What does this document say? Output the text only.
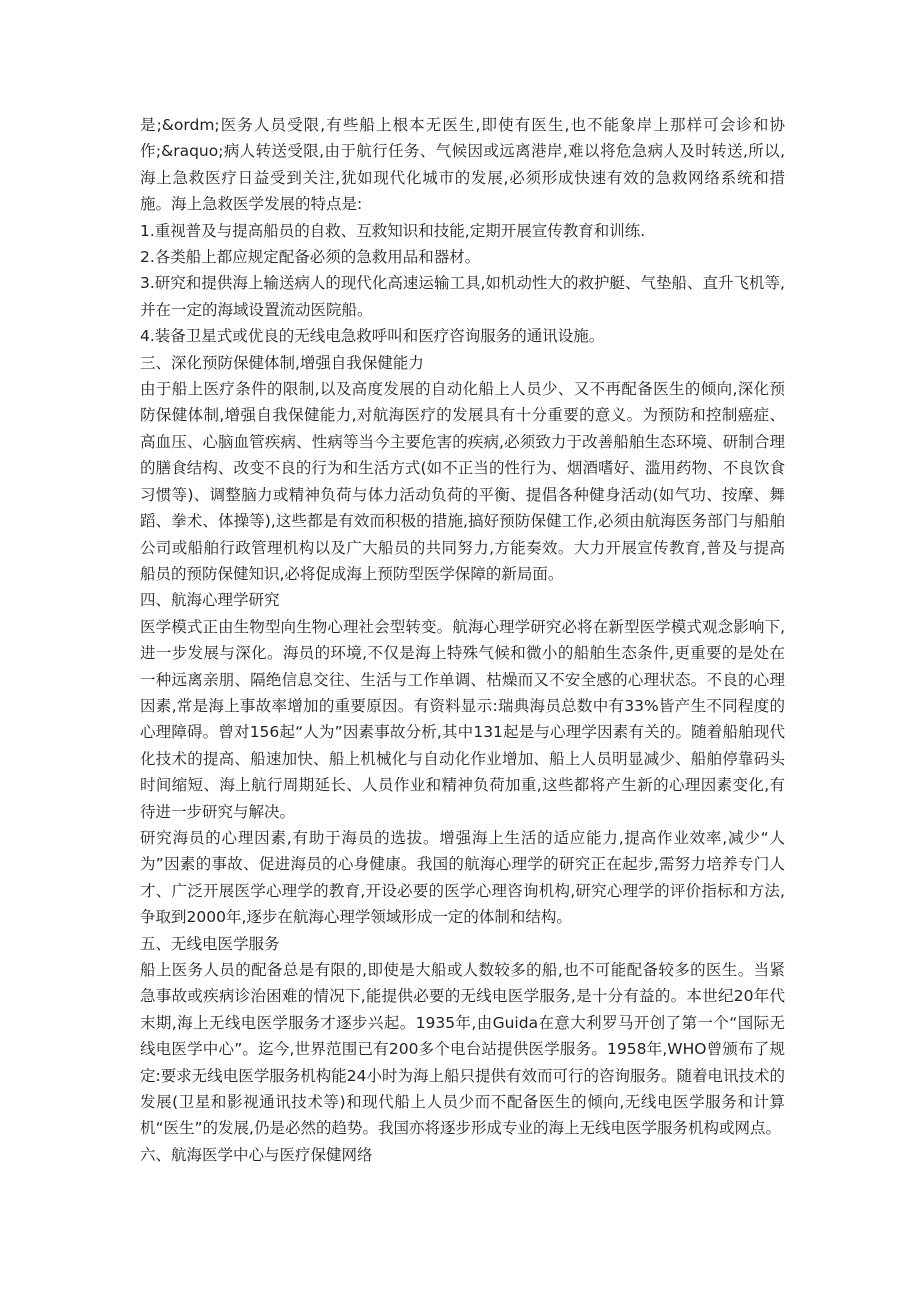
是;&ordm;医务人员受限,有些船上根本无医生,即使有医生,也不能象岸上那样可会诊和协作;&raquo;病人转送受限,由于航行任务、气候因或远离港岸,难以将危急病人及时转送,所以,海上急救医疗日益受到关注,犹如现代化城市的发展,必须形成快速有效的急救网络系统和措施。海上急救医学发展的特点是:

1.重视普及与提高船员的自救、互救知识和技能,定期开展宣传教育和训练.

2.各类船上都应规定配备必须的急救用品和器材。

3.研究和提供海上输送病人的现代化高速运输工具,如机动性大的救护艇、气垫船、直升飞机等,并在一定的海域设置流动医院船。

4.装备卫星式或优良的无线电急救呼叫和医疗咨询服务的通讯设施。

三、深化预防保健体制,增强自我保健能力

由于船上医疗条件的限制,以及高度发展的自动化船上人员少、又不再配备医生的倾向,深化预防保健体制,增强自我保健能力,对航海医疗的发展具有十分重要的意义。为预防和控制癌症、高血压、心脑血管疾病、性病等当今主要危害的疾病,必须致力于改善船舶生态环境、研制合理的膳食结构、改变不良的行为和生活方式(如不正当的性行为、烟酒嗜好、滥用药物、不良饮食习惯等)、调整脑力或精神负荷与体力活动负荷的平衡、提倡各种健身活动(如气功、按摩、舞蹈、拳术、体操等),这些都是有效而积极的措施,搞好预防保健工作,必须由航海医务部门与船舶公司或船舶行政管理机构以及广大船员的共同努力,方能奏效。大力开展宣传教育,普及与提高船员的预防保健知识,必将促成海上预防型医学保障的新局面。

四、航海心理学研究

医学模式正由生物型向生物心理社会型转变。航海心理学研究必将在新型医学模式观念影响下,进一步发展与深化。海员的环境,不仅是海上特殊气候和微小的船舶生态条件,更重要的是处在一种远离亲朋、隔绝信息交往、生活与工作单调、枯燥而又不安全感的心理状态。不良的心理因素,常是海上事故率增加的重要原因。有资料显示:瑞典海员总数中有33%皆产生不同程度的心理障碍。曾对156起“人为”因素事故分析,其中131起是与心理学因素有关的。随着船舶现代化技术的提高、船速加快、船上机械化与自动化作业增加、船上人员明显减少、船舶停靠码头时间缩短、海上航行周期延长、人员作业和精神负荷加重,这些都将产生新的心理因素变化,有待进一步研究与解决。

研究海员的心理因素,有助于海员的选拔。增强海上生活的适应能力,提高作业效率,减少“人为”因素的事故、促进海员的心身健康。我国的航海心理学的研究正在起步,需努力培养专门人才、广泛开展医学心理学的教育,开设必要的医学心理咨询机构,研究心理学的评价指标和方法,争取到2000年,逐步在航海心理学领域形成一定的体制和结构。

五、无线电医学服务

船上医务人员的配备总是有限的,即使是大船或人数较多的船,也不可能配备较多的医生。当紧急事故或疾病诊治困难的情况下,能提供必要的无线电医学服务,是十分有益的。本世纪20年代末期,海上无线电医学服务才逐步兴起。1935年,由Guida在意大利罗马开创了第一个“国际无线电医学中心”。迄今,世界范围已有200多个电台站提供医学服务。1958年,WHO曾颁布了规定:要求无线电医学服务机构能24小时为海上船只提供有效而可行的咨询服务。随着电讯技术的发展(卫星和影视通讯技术等)和现代船上人员少而不配备医生的倾向,无线电医学服务和计算机“医生”的发展,仍是必然的趋势。我国亦将逐步形成专业的海上无线电医学服务机构或网点。

六、航海医学中心与医疗保健网络
